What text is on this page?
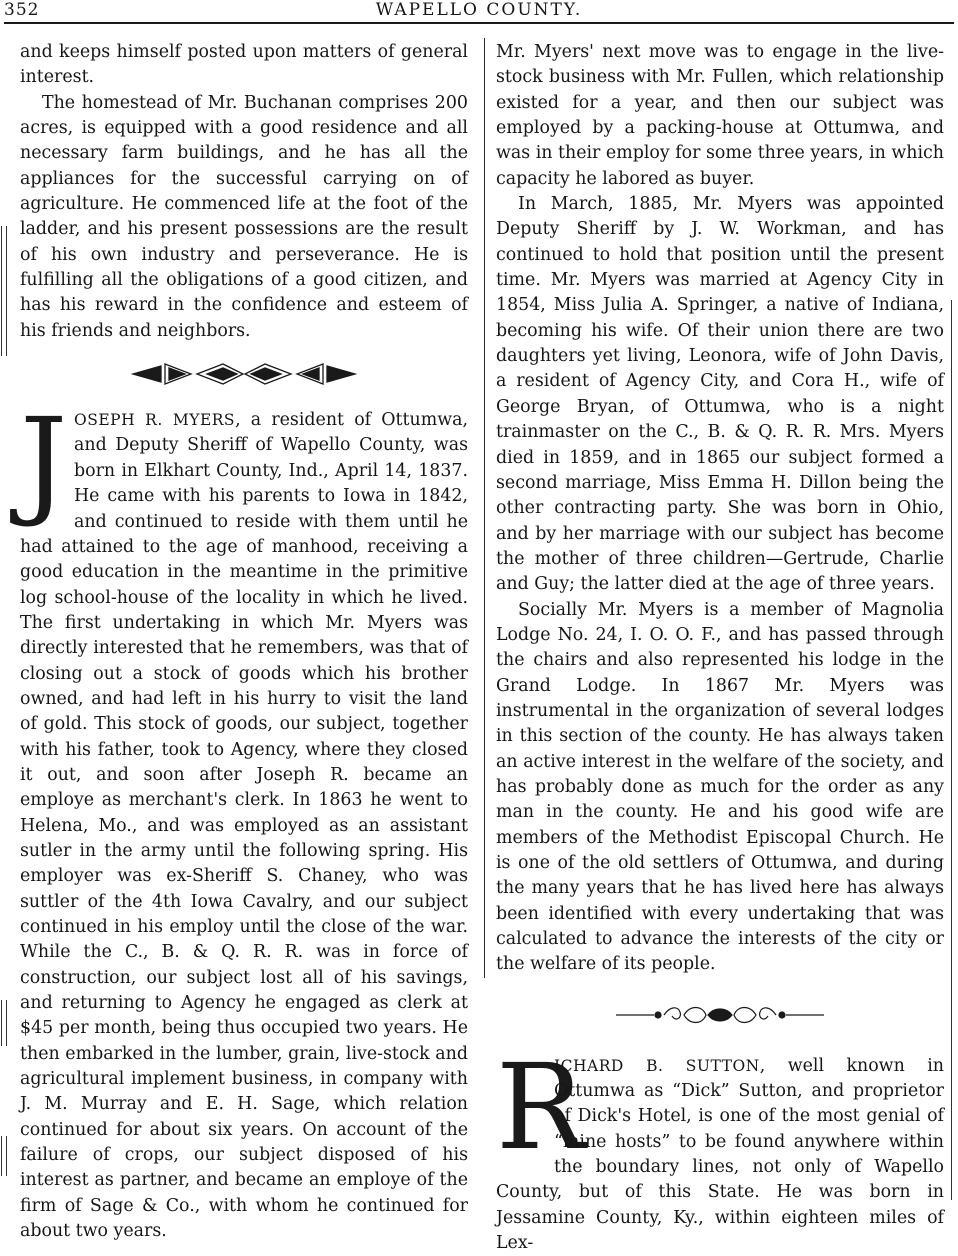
352	WAPELLO COUNTY.

and keeps himself posted upon matters of general interest.

The homestead of Mr. Buchanan comprises 200 acres, is equipped with a good residence and all necessary farm buildings, and he has all the appliances for the successful carrying on of agriculture. He commenced life at the foot of the ladder, and his present possessions are the result of his own industry and perseverance. He is fulfilling all the obligations of a good citizen, and has his reward in the confidence and esteem of his friends and neighbors.

JOSEPH R. MYERS, a resident of Ottumwa, and Deputy Sheriff of Wapello County, was born in Elkhart County, Ind., April 14, 1837. He came with his parents to Iowa in 1842, and continued to reside with them until he had attained to the age of manhood, receiving a good education in the meantime in the primitive log school-house of the locality in which he lived. The first undertaking in which Mr. Myers was directly interested that he remembers, was that of closing out a stock of goods which his brother owned, and had left in his hurry to visit the land of gold. This stock of goods, our subject, together with his father, took to Agency, where they closed it out, and soon after Joseph R. became an employe as merchant's clerk. In 1863 he went to Helena, Mo., and was employed as an assistant sutler in the army until the following spring. His employer was ex-Sheriff S. Chaney, who was suttler of the 4th Iowa Cavalry, and our subject continued in his employ until the close of the war. While the C., B. & Q. R. R. was in force of construction, our subject lost all of his savings, and returning to Agency he engaged as clerk at $45 per month, being thus occupied two years. He then embarked in the lumber, grain, live-stock and agricultural implement business, in company with J. M. Murray and E. H. Sage, which relation continued for about six years. On account of the failure of crops, our subject disposed of his interest as partner, and became an employe of the firm of Sage & Co., with whom he continued for about two years.

Mr. Myers' next move was to engage in the live-stock business with Mr. Fullen, which relationship existed for a year, and then our subject was employed by a packing-house at Ottumwa, and was in their employ for some three years, in which capacity he labored as buyer.

In March, 1885, Mr. Myers was appointed Deputy Sheriff by J. W. Workman, and has continued to hold that position until the present time. Mr. Myers was married at Agency City in 1854, Miss Julia A. Springer, a native of Indiana, becoming his wife. Of their union there are two daughters yet living, Leonora, wife of John Davis, a resident of Agency City, and Cora H., wife of George Bryan, of Ottumwa, who is a night trainmaster on the C., B. & Q. R. R. Mrs. Myers died in 1859, and in 1865 our subject formed a second marriage, Miss Emma H. Dillon being the other contracting party. She was born in Ohio, and by her marriage with our subject has become the mother of three children—Gertrude, Charlie and Guy; the latter died at the age of three years.

Socially Mr. Myers is a member of Magnolia Lodge No. 24, I. O. O. F., and has passed through the chairs and also represented his lodge in the Grand Lodge. In 1867 Mr. Myers was instrumental in the organization of several lodges in this section of the county. He has always taken an active interest in the welfare of the society, and has probably done as much for the order as any man in the county. He and his good wife are members of the Methodist Episcopal Church. He is one of the old settlers of Ottumwa, and during the many years that he has lived here has always been identified with every undertaking that was calculated to advance the interests of the city or the welfare of its people.

R
ICHARD B. SUTTON, well known in Ottumwa as “Dick” Sutton, and proprietor of Dick's Hotel, is one of the most genial of “mine hosts” to be found anywhere within the boundary lines, not only of Wapello County, but of this State. He was born in Jessamine County, Ky., within eighteen miles of Lex-
